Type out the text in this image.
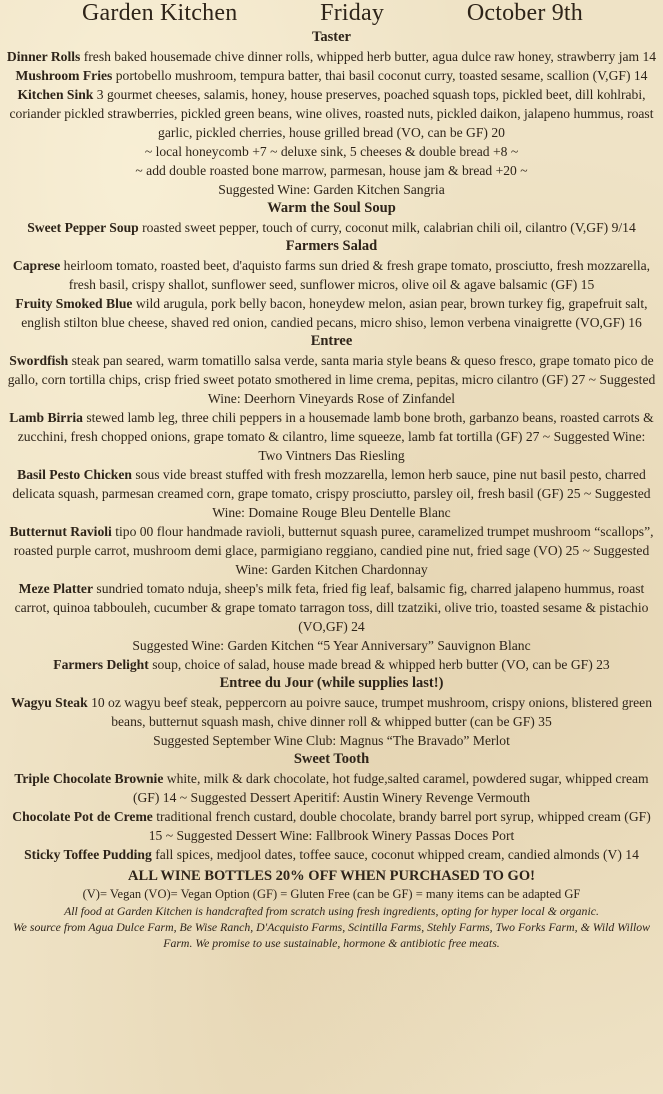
Garden Kitchen	Friday	October 9th
Taster
Dinner Rolls fresh baked housemade chive dinner rolls, whipped herb butter, agua dulce raw honey, strawberry jam 14
Mushroom Fries portobello mushroom, tempura batter, thai basil coconut curry, toasted sesame, scallion (V,GF) 14
Kitchen Sink 3 gourmet cheeses, salamis, honey, house preserves, poached squash tops, pickled beet, dill kohlrabi, coriander pickled strawberries, pickled green beans, wine olives, roasted nuts, pickled daikon, jalapeno hummus, roast garlic, pickled cherries, house grilled bread (VO, can be GF) 20
~ local honeycomb +7 ~ deluxe sink, 5 cheeses & double bread +8 ~
~ add double roasted bone marrow, parmesan, house jam & bread +20 ~
Suggested Wine: Garden Kitchen Sangria
Warm the Soul Soup
Sweet Pepper Soup roasted sweet pepper, touch of curry, coconut milk, calabrian chili oil, cilantro (V,GF) 9/14
Farmers Salad
Caprese heirloom tomato, roasted beet, d'aquisto farms sun dried & fresh grape tomato, prosciutto, fresh mozzarella, fresh basil, crispy shallot, sunflower seed, sunflower micros, olive oil & agave balsamic (GF) 15
Fruity Smoked Blue wild arugula, pork belly bacon, honeydew melon, asian pear, brown turkey fig, grapefruit salt, english stilton blue cheese, shaved red onion, candied pecans, micro shiso, lemon verbena vinaigrette (VO,GF) 16
Entree
Swordfish steak pan seared, warm tomatillo salsa verde, santa maria style beans & queso fresco, grape tomato pico de gallo, corn tortilla chips, crisp fried sweet potato smothered in lime crema, pepitas, micro cilantro (GF) 27 ~ Suggested Wine: Deerhorn Vineyards Rose of Zinfandel
Lamb Birria stewed lamb leg, three chili peppers in a housemade lamb bone broth, garbanzo beans, roasted carrots & zucchini, fresh chopped onions, grape tomato & cilantro, lime squeeze, lamb fat tortilla (GF) 27 ~ Suggested Wine: Two Vintners Das Riesling
Basil Pesto Chicken sous vide breast stuffed with fresh mozzarella, lemon herb sauce, pine nut basil pesto, charred delicata squash, parmesan creamed corn, grape tomato, crispy prosciutto, parsley oil, fresh basil (GF) 25 ~ Suggested Wine: Domaine Rouge Bleu Dentelle Blanc
Butternut Ravioli tipo 00 flour handmade ravioli, butternut squash puree, caramelized trumpet mushroom “scallops”, roasted purple carrot, mushroom demi glace, parmigiano reggiano, candied pine nut, fried sage (VO) 25 ~ Suggested Wine: Garden Kitchen Chardonnay
Meze Platter sundried tomato nduja, sheep's milk feta, fried fig leaf, balsamic fig, charred jalapeno hummus, roast carrot, quinoa tabbouleh, cucumber & grape tomato tarragon toss, dill tzatziki, olive trio, toasted sesame & pistachio (VO,GF) 24
Suggested Wine: Garden Kitchen “5 Year Anniversary” Sauvignon Blanc
Farmers Delight soup, choice of salad, house made bread & whipped herb butter (VO, can be GF) 23
Entree du Jour (while supplies last!)
Wagyu Steak 10 oz wagyu beef steak, peppercorn au poivre sauce, trumpet mushroom, crispy onions, blistered green beans, butternut squash mash, chive dinner roll & whipped butter (can be GF) 35
Suggested September Wine Club: Magnus “The Bravado” Merlot
Sweet Tooth
Triple Chocolate Brownie white, milk & dark chocolate, hot fudge,salted caramel, powdered sugar, whipped cream (GF) 14 ~ Suggested Dessert Aperitif: Austin Winery Revenge Vermouth
Chocolate Pot de Creme traditional french custard, double chocolate, brandy barrel port syrup, whipped cream (GF) 15 ~ Suggested Dessert Wine: Fallbrook Winery Passas Doces Port
Sticky Toffee Pudding fall spices, medjool dates, toffee sauce, coconut whipped cream, candied almonds (V) 14
ALL WINE BOTTLES 20% OFF WHEN PURCHASED TO GO!
(V)= Vegan (VO)= Vegan Option (GF) = Gluten Free (can be GF) = many items can be adapted GF
All food at Garden Kitchen is handcrafted from scratch using fresh ingredients, opting for hyper local & organic.
We source from Agua Dulce Farm, Be Wise Ranch, D'Acquisto Farms, Scintilla Farms, Stehly Farms, Two Forks Farm, & Wild Willow Farm. We promise to use sustainable, hormone & antibiotic free meats.
